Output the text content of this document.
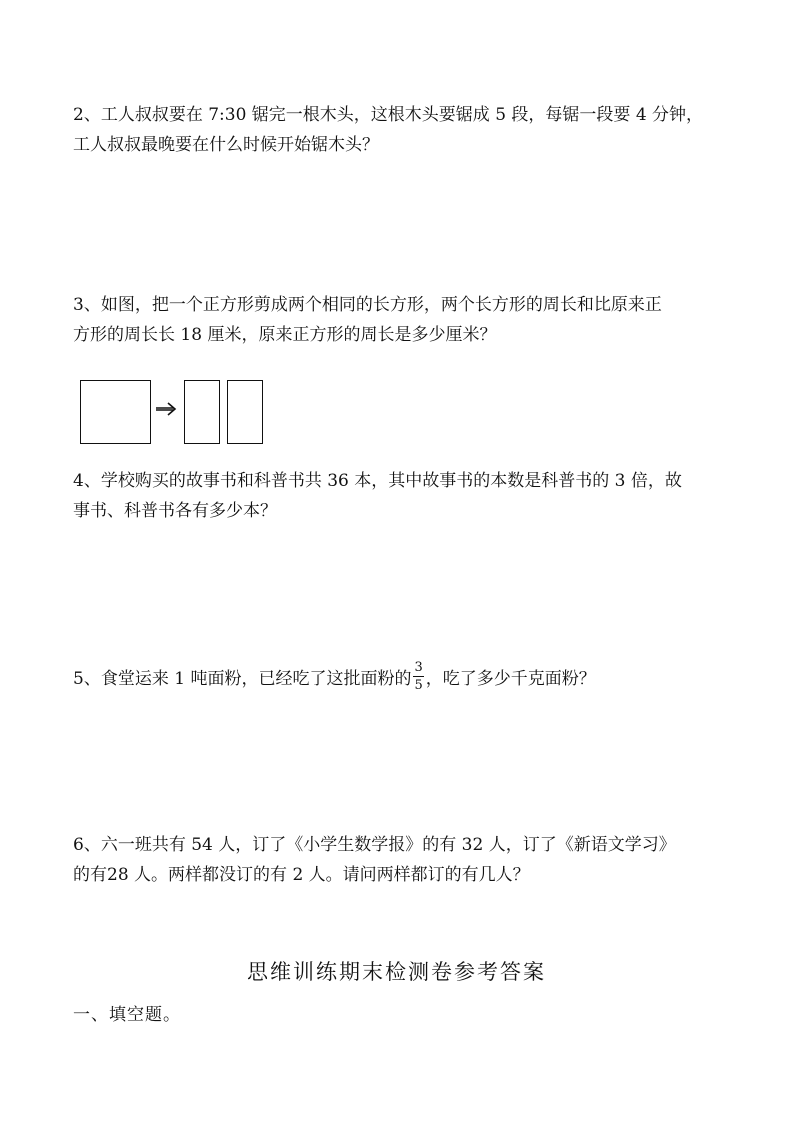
2、工人叔叔要在 7:30 锯完一根木头，这根木头要锯成 5 段，每锯一段要 4 分钟，

工人叔叔最晚要在什么时候开始锯木头？

3、如图，把一个正方形剪成两个相同的长方形，两个长方形的周长和比原来正

方形的周长长 18 厘米，原来正方形的周长是多少厘米？

4、学校购买的故事书和科普书共 36 本，其中故事书的本数是科普书的 3 倍，故

事书、科普书各有多少本？

5、食堂运来 1 吨面粉，已经吃了这批面粉的 $\frac{3}{5}$ ，吃了多少千克面粉？

6、六一班共有 54 人，订了《小学生数学报》的有 32 人，订了《新语文学习》

的有28 人。两样都没订的有 2 人。请问两样都订的有几人？

思维训练期末检测卷参考答案

一、填空题。
